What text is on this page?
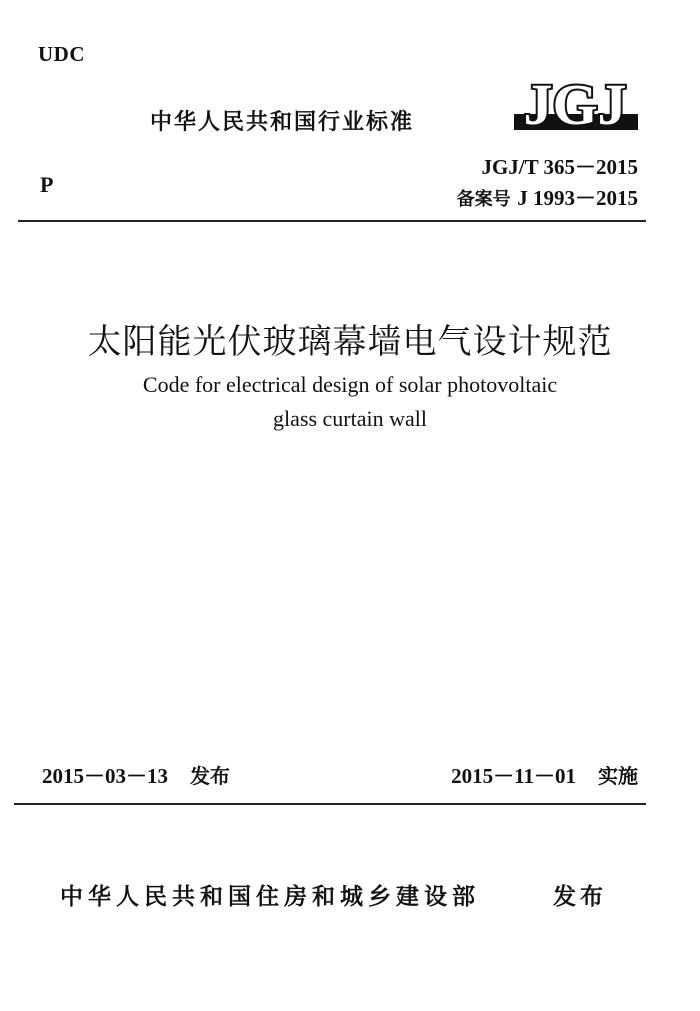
UDC
中华人民共和国行业标准 JGJ
P
JGJ/T 365－2015
备案号 J 1993－2015
太阳能光伏玻璃幕墙电气设计规范
Code for electrical design of solar photovoltaic
glass curtain wall
2015－03－13 发布	2015－11－01 实施
中华人民共和国住房和城乡建设部	发布
